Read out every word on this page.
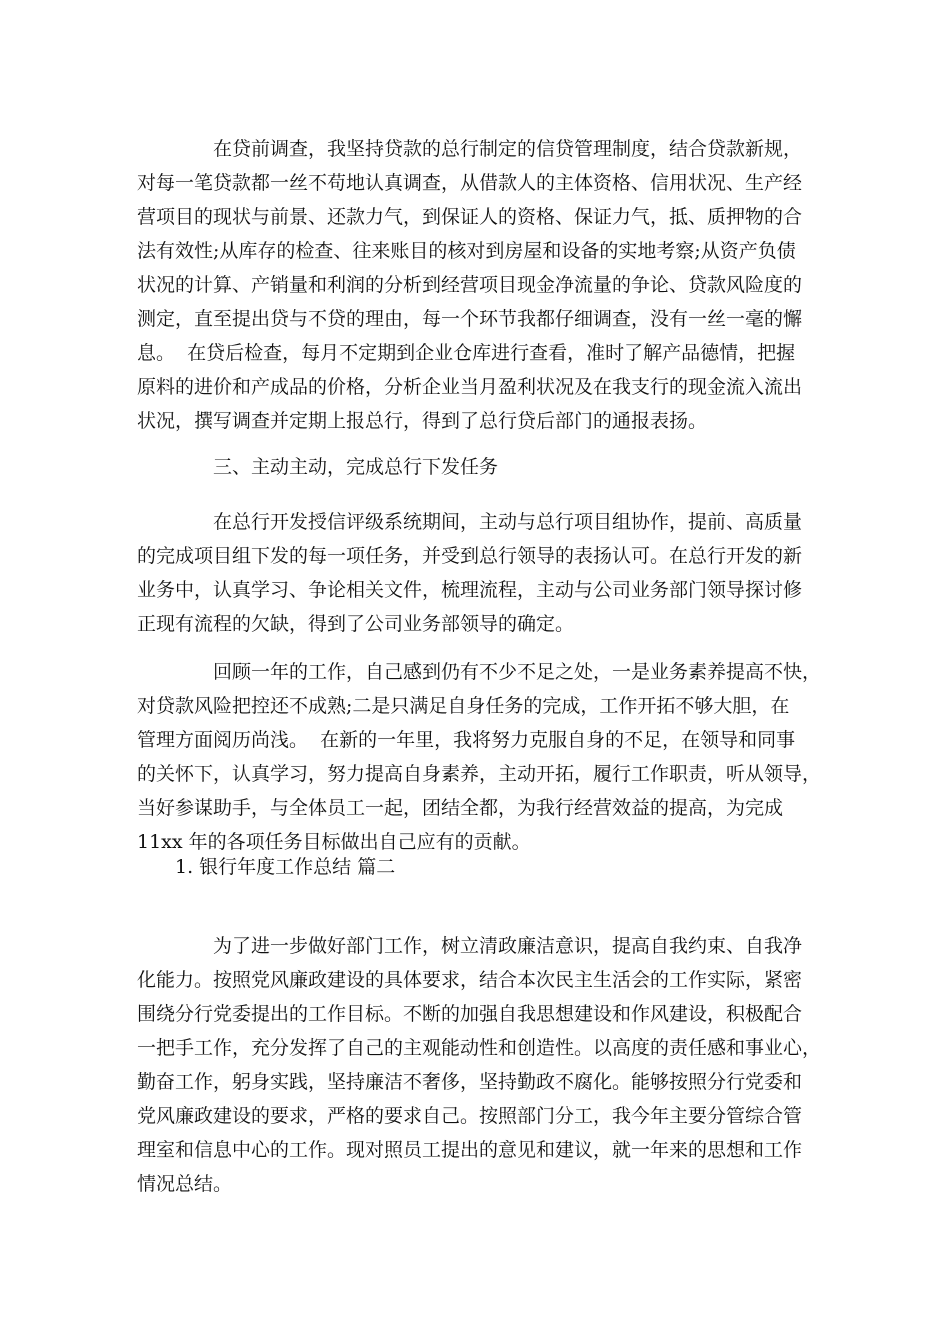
在贷前调查，我坚持贷款的总行制定的信贷管理制度，结合贷款新规，
对每一笔贷款都一丝不苟地认真调查，从借款人的主体资格、信用状况、生产经
营项目的现状与前景、还款力气，到保证人的资格、保证力气，抵、质押物的合
法有效性;从库存的检查、往来账目的核对到房屋和设备的实地考察;从资产负债
状况的计算、产销量和利润的分析到经营项目现金净流量的争论、贷款风险度的
测定，直至提出贷与不贷的理由，每一个环节我都仔细调查，没有一丝一毫的懈
息。  在贷后检查，每月不定期到企业仓库进行查看，准时了解产品德情，把握
原料的进价和产成品的价格，分析企业当月盈利状况及在我支行的现金流入流出
状况，撰写调查并定期上报总行，得到了总行贷后部门的通报表扬。
三、主动主动，完成总行下发任务
在总行开发授信评级系统期间，主动与总行项目组协作，提前、高质量
的完成项目组下发的每一项任务，并受到总行领导的表扬认可。在总行开发的新
业务中，认真学习、争论相关文件，梳理流程，主动与公司业务部门领导探讨修
正现有流程的欠缺，得到了公司业务部领导的确定。
回顾一年的工作，自己感到仍有不少不足之处，一是业务素养提高不快，
对贷款风险把控还不成熟;二是只满足自身任务的完成，工作开拓不够大胆，在
管理方面阅历尚浅。  在新的一年里，我将努力克服自身的不足，在领导和同事
的关怀下，认真学习，努力提高自身素养，主动开拓，履行工作职责，听从领导，
当好参谋助手，与全体员工一起，团结全都，为我行经营效益的提高，为完成
11xx 年的各项任务目标做出自己应有的贡献。
1. 银行年度工作总结 篇二
为了进一步做好部门工作，树立清政廉洁意识，提高自我约束、自我净
化能力。按照党风廉政建设的具体要求，结合本次民主生活会的工作实际，紧密
围绕分行党委提出的工作目标。不断的加强自我思想建设和作风建设，积极配合
一把手工作，充分发挥了自己的主观能动性和创造性。以高度的责任感和事业心，
勤奋工作，躬身实践，坚持廉洁不奢侈，坚持勤政不腐化。能够按照分行党委和
党风廉政建设的要求，严格的要求自己。按照部门分工，我今年主要分管综合管
理室和信息中心的工作。现对照员工提出的意见和建议，就一年来的思想和工作
情况总结。
